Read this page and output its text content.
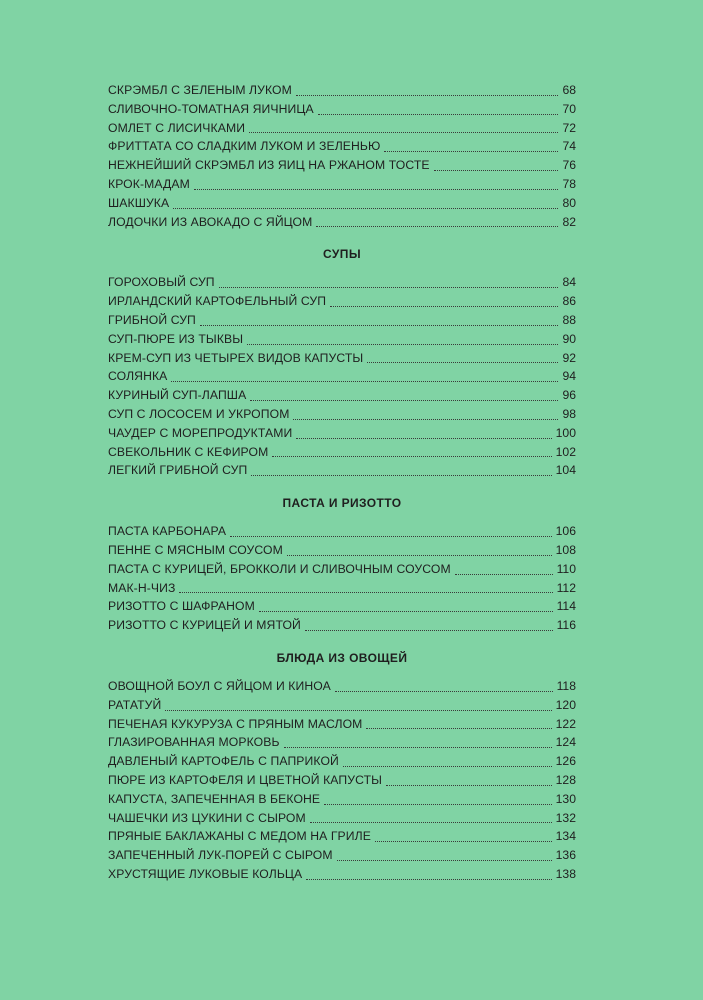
СКРЭМБЛ С ЗЕЛЕНЫМ ЛУКОМ	68
СЛИВОЧНО-ТОМАТНАЯ ЯИЧНИЦА	70
ОМЛЕТ С ЛИСИЧКАМИ	72
ФРИТТАТА СО СЛАДКИМ ЛУКОМ И ЗЕЛЕНЬЮ	74
НЕЖНЕЙШИЙ СКРЭМБЛ ИЗ ЯИЦ НА РЖАНОМ ТОСТЕ	76
КРОК-МАДАМ	78
ШАКШУКА	80
ЛОДОЧКИ ИЗ АВОКАДО С ЯЙЦОМ	82
СУПЫ
ГОРОХОВЫЙ СУП	84
ИРЛАНДСКИЙ КАРТОФЕЛЬНЫЙ СУП	86
ГРИБНОЙ СУП	88
СУП-ПЮРЕ ИЗ ТЫКВЫ	90
КРЕМ-СУП ИЗ ЧЕТЫРЕХ ВИДОВ КАПУСТЫ	92
СОЛЯНКА	94
КУРИНЫЙ СУП-ЛАПША	96
СУП С ЛОСОСЕМ И УКРОПОМ	98
ЧАУДЕР С МОРЕПРОДУКТАМИ	100
СВЕКОЛЬНИК С КЕФИРОМ	102
ЛЕГКИЙ ГРИБНОЙ СУП	104
ПАСТА И РИЗОТТО
ПАСТА КАРБОНАРА	106
ПЕННЕ С МЯСНЫМ СОУСОМ	108
ПАСТА С КУРИЦЕЙ, БРОККОЛИ И СЛИВОЧНЫМ СОУСОМ	110
МАК-Н-ЧИЗ	112
РИЗОТТО С ШАФРАНОМ	114
РИЗОТТО С КУРИЦЕЙ И МЯТОЙ	116
БЛЮДА ИЗ ОВОЩЕЙ
ОВОЩНОЙ БОУЛ С ЯЙЦОМ И КИНОА	118
РАТАТУЙ	120
ПЕЧЕНАЯ КУКУРУЗА С ПРЯНЫМ МАСЛОМ	122
ГЛАЗИРОВАННАЯ МОРКОВЬ	124
ДАВЛЕНЫЙ КАРТОФЕЛЬ С ПАПРИКОЙ	126
ПЮРЕ ИЗ КАРТОФЕЛЯ И ЦВЕТНОЙ КАПУСТЫ	128
КАПУСТА, ЗАПЕЧЕННАЯ В БЕКОНЕ	130
ЧАШЕЧКИ ИЗ ЦУКИНИ С СЫРОМ	132
ПРЯНЫЕ БАКЛАЖАНЫ С МЕДОМ НА ГРИЛЕ	134
ЗАПЕЧЕННЫЙ ЛУК-ПОРЕЙ С СЫРОМ	136
ХРУСТЯЩИЕ ЛУКОВЫЕ КОЛЬЦА	138
